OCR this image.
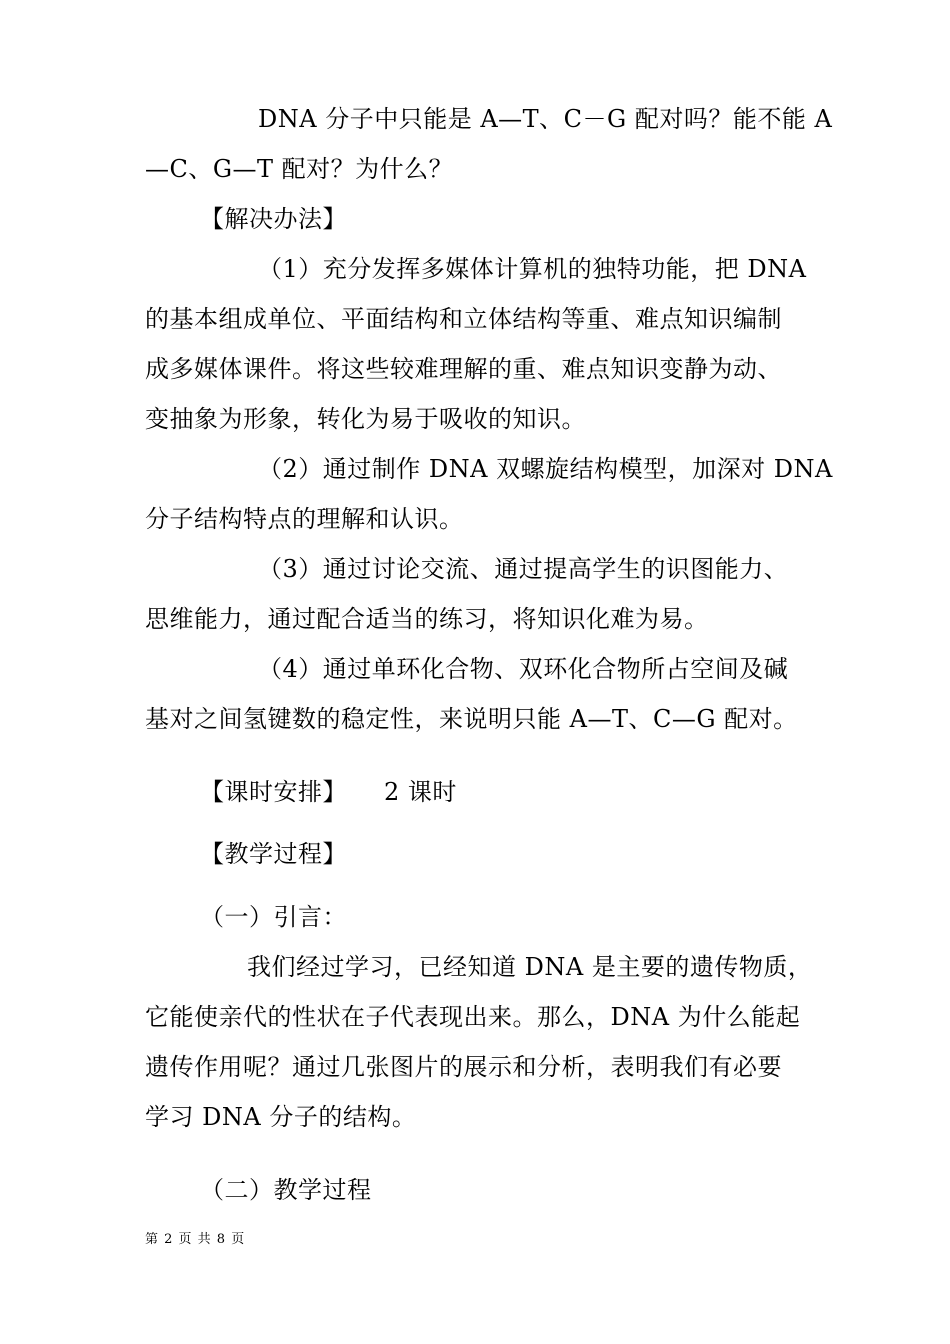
DNA 分子中只能是 A—T、C－G 配对吗？能不能 A
—C、G—T 配对？为什么？
【解决办法】
（1）充分发挥多媒体计算机的独特功能，把 DNA
的基本组成单位、平面结构和立体结构等重、难点知识编制
成多媒体课件。将这些较难理解的重、难点知识变静为动、
变抽象为形象，转化为易于吸收的知识。
（2）通过制作 DNA 双螺旋结构模型，加深对 DNA
分子结构特点的理解和认识。
（3）通过讨论交流、通过提高学生的识图能力、
思维能力，通过配合适当的练习，将知识化难为易。
（4）通过单环化合物、双环化合物所占空间及碱
基对之间氢键数的稳定性，来说明只能 A—T、C—G 配对。
【课时安排】　　2 课时
【教学过程】
（一）引言：
我们经过学习，已经知道 DNA 是主要的遗传物质，
它能使亲代的性状在子代表现出来。那么，DNA 为什么能起
遗传作用呢？通过几张图片的展示和分析，表明我们有必要
学习 DNA 分子的结构。
（二）教学过程
第 2 页 共 8 页
